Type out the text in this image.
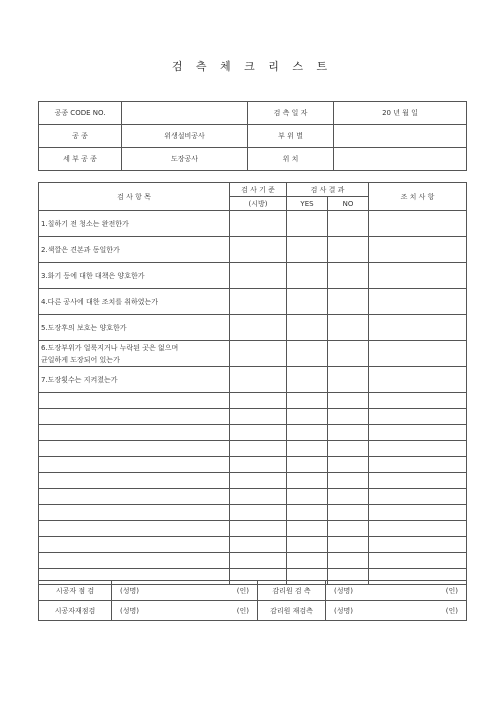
검 측 체 크 리 스 트
공종 CODE NO.		검 측 일 자	20 년 월 일
공 종	위생설비공사	부 위 별	
세 부 공 종	도장공사	위 치	
검 사 항 목	검 사 기 준	검 사 결 과		조 치 사 항
	(시방)	YES	NO	
1.칠하기 전 청소는 완전한가				
2.색깔은 견본과 동일한가				
3.화기 등에 대한 대책은 양호한가				
4.다른 공사에 대한 조치를 취하였는가				
5.도장후의 보호는 양호한가				
6.도장부위가 얼룩지거나 누락된 곳은 없으며
균일하게 도장되어 있는가				
7.도장횟수는 지켜졌는가				

시공자 점 검	(성명) (인)	감리원 검 측	(성명) (인)

시공자재점검	(성명) (인)	감리원 재검측	(성명) (인)
